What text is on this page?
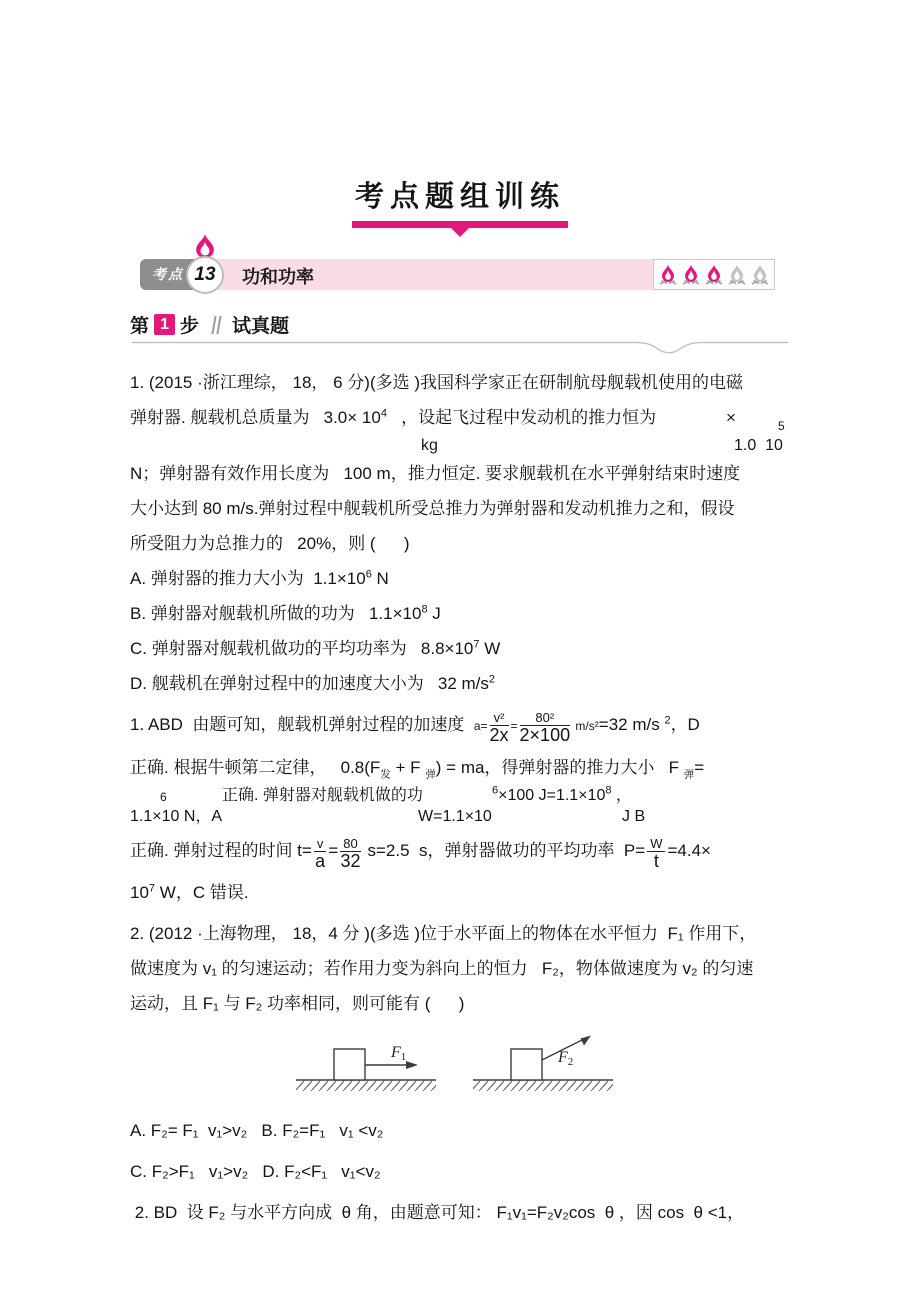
考点题组训练
功和功率
考点 13
第 1 步 试真题
1. (2015 ·浙江理综， 18， 6 分)(多选 )我国科学家正在研制航母舰载机使用的电磁
弹射器. 舰载机总质量为   $3.0\times 10^4$   ，设起飞过程中发动机的推力恒为	×	5
kg	1.0  10
N；弹射器有效作用长度为   100 m，推力恒定. 要求舰载机在水平弹射结束时速度
大小达到 80 m/s.弹射过程中舰载机所受总推力为弹射器和发动机推力之和，假设
所受阻力为总推力的   20%，则 (      )
A. 弹射器的推力大小为  $1.1\times 10^6$ N
B. 弹射器对舰载机所做的功为   $1.1\times 10^8$ J
C. 弹射器对舰载机做功的平均功率为   $8.8\times 10^7$ W
D. 舰载机在弹射过程中的加速度大小为   32 $m/s^2$
1. ABD  由题可知，舰载机弹射过程的加速度  a=
v²
2x =
80²
2×100 m/s²=32 m/s $^2$，D
正确. 根据牛顿第二定律，   $0.8(F_发 + F$ $_弹$) = ma，得弹射器的推力大小   F $_弹$=
6	正确. 弹射器对舰载机做的功	$^6$×100 $J=1.1\times 10^8$ ，
1.1×10 N，A	W=1.1×10	J B
正确. 弹射过程的时间 t= v
a
= 80
32
s=2.5  s，弹射器做功的平均功率  P= W
t
=4.4×
$10^7$ W，C 错误.
2. (2012 ·上海物理， 18，4 分 )(多选 )位于水平面上的物体在水平恒力  F₁ 作用下，
做速度为 v₁ 的匀速运动；若作用力变为斜向上的恒力   F₂，物体做速度为 v₂ 的匀速
运动，且 F₁ 与 F₂ 功率相同，则可能有 (      )
F1	F2
A. F₂= F₁  v₁>v₂   B. F₂=F₁   v₁ <v₂
C. F₂>F₁   v₁>v₂   D. F₂<F₁   v₁<v₂
2. BD  设 F₂ 与水平方向成  θ 角，由题意可知： F₁v₁=F₂v₂cos  θ ，因 cos  θ <1，
